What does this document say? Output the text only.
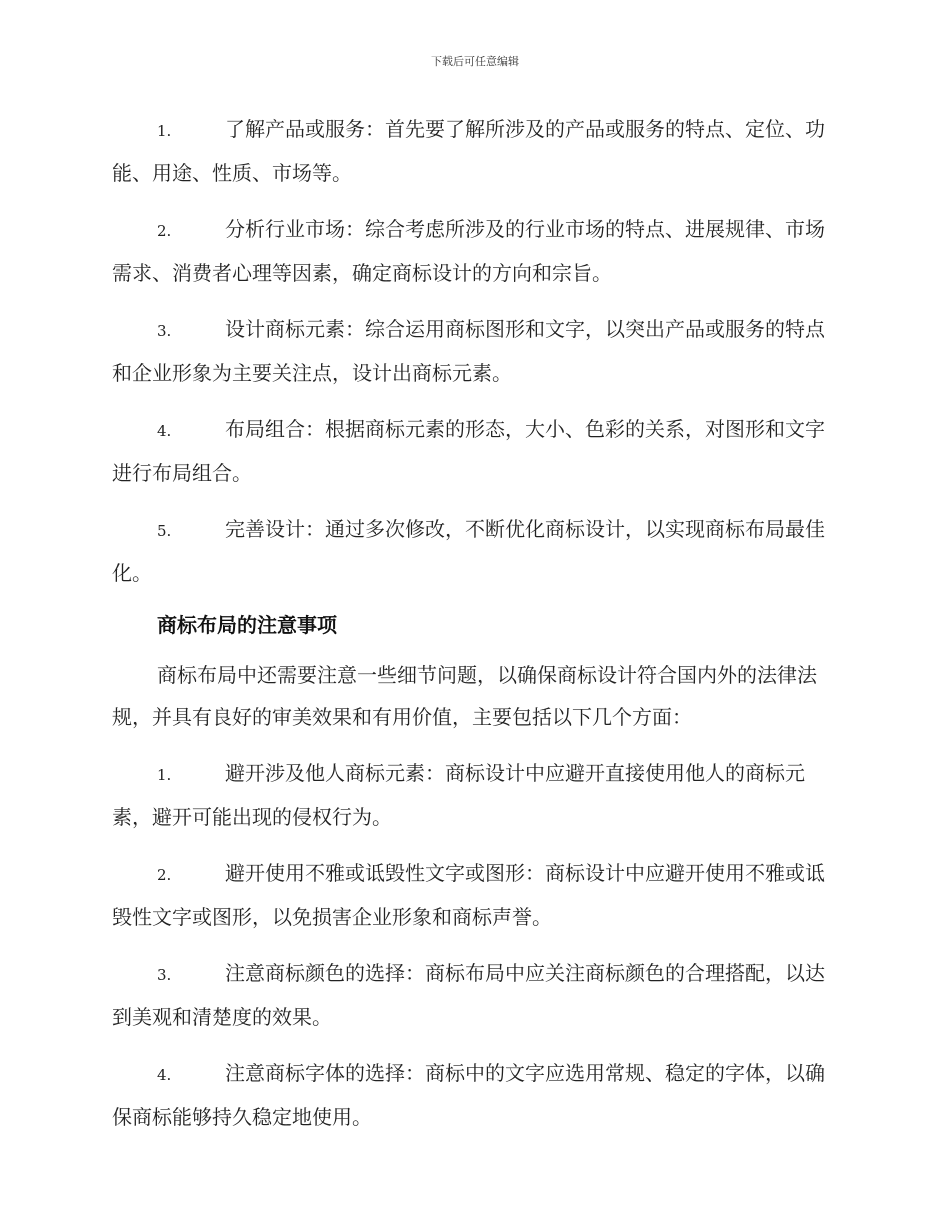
下载后可任意编辑
1.	了解产品或服务：首先要了解所涉及的产品或服务的特点、定位、功能、用途、性质、市场等。
2.	分析行业市场：综合考虑所涉及的行业市场的特点、进展规律、市场需求、消费者心理等因素，确定商标设计的方向和宗旨。
3.	设计商标元素：综合运用商标图形和文字，以突出产品或服务的特点和企业形象为主要关注点，设计出商标元素。
4.	布局组合：根据商标元素的形态，大小、色彩的关系，对图形和文字进行布局组合。
5.	完善设计：通过多次修改，不断优化商标设计，以实现商标布局最佳化。
商标布局的注意事项
商标布局中还需要注意一些细节问题，以确保商标设计符合国内外的法律法规，并具有良好的审美效果和有用价值，主要包括以下几个方面：
1.	避开涉及他人商标元素：商标设计中应避开直接使用他人的商标元素，避开可能出现的侵权行为。
2.	避开使用不雅或诋毁性文字或图形：商标设计中应避开使用不雅或诋毁性文字或图形，以免损害企业形象和商标声誉。
3.	注意商标颜色的选择：商标布局中应关注商标颜色的合理搭配，以达到美观和清楚度的效果。
4.	注意商标字体的选择：商标中的文字应选用常规、稳定的字体，以确保商标能够持久稳定地使用。
